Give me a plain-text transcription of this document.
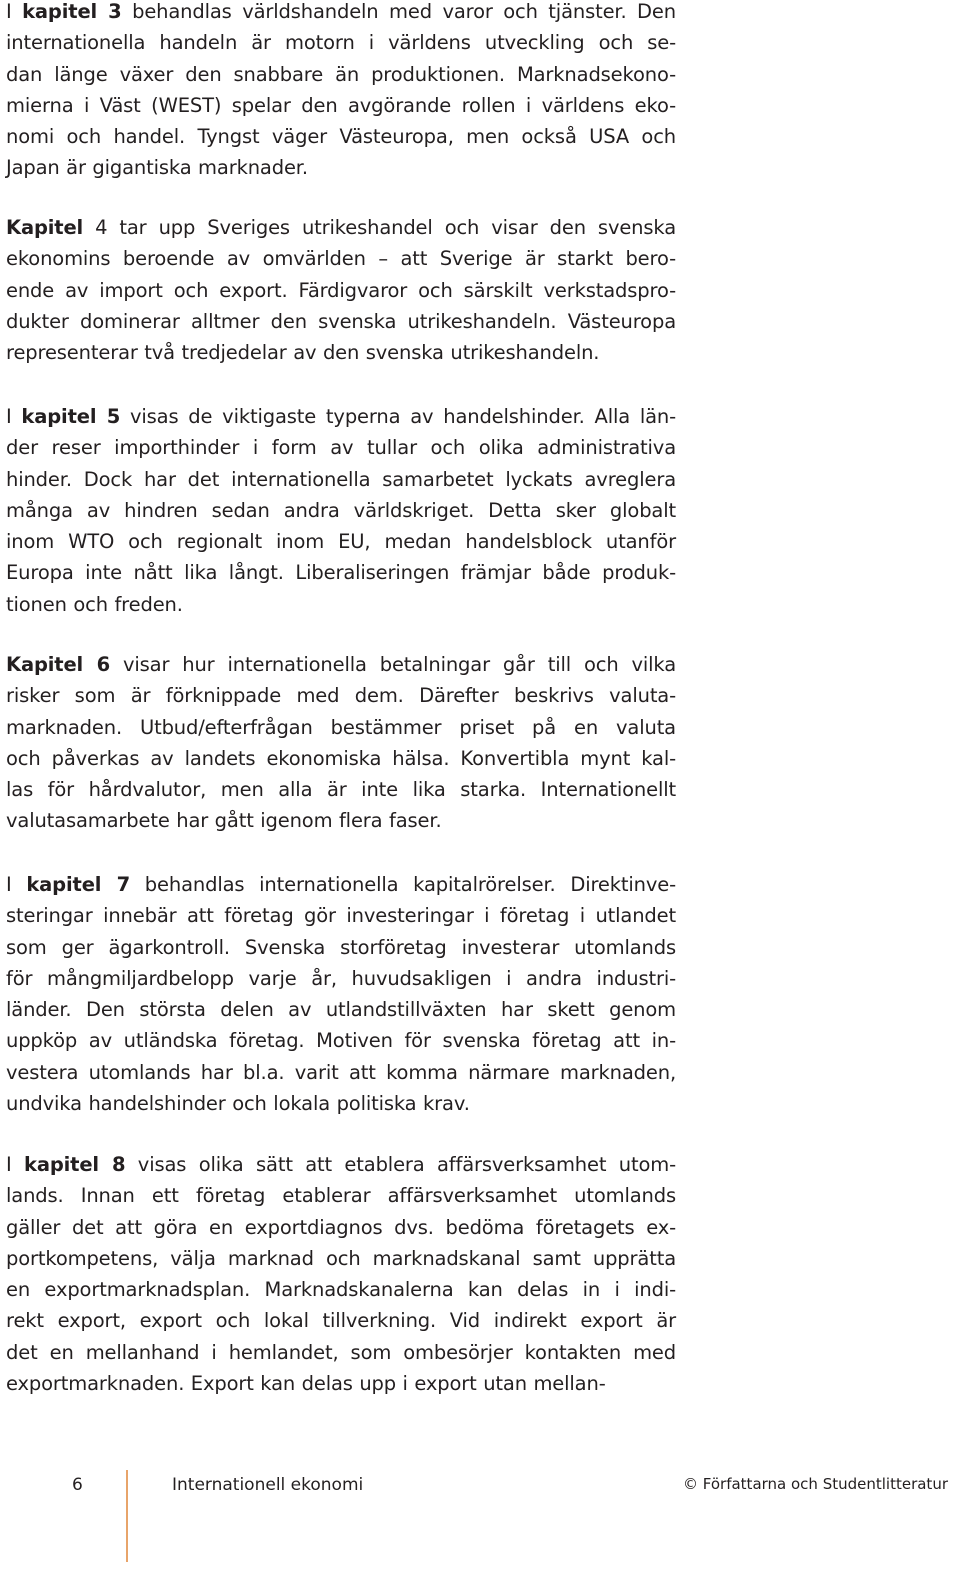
I kapitel 3 behandlas världshandeln med varor och tjänster. Den
internationella handeln är motorn i världens utveckling och se-
dan länge växer den snabbare än produktionen. Marknadsekono-
mierna i Väst (WEST) spelar den avgörande rollen i världens eko-
nomi och handel. Tyngst väger Västeuropa, men också USA och
Japan är gigantiska marknader.

Kapitel 4 tar upp Sveriges utrikeshandel och visar den svenska
ekonomins beroende av omvärlden – att Sverige är starkt bero-
ende av import och export. Färdigvaror och särskilt verkstadspro-
dukter dominerar alltmer den svenska utrikeshandeln. Västeuropa
representerar två tredjedelar av den svenska utrikeshandeln.

I kapitel 5 visas de viktigaste typerna av handelshinder. Alla län-
der reser importhinder i form av tullar och olika administrativa
hinder. Dock har det internationella samarbetet lyckats avreglera
många av hindren sedan andra världskriget. Detta sker globalt
inom WTO och regionalt inom EU, medan handelsblock utanför
Europa inte nått lika långt. Liberaliseringen främjar både produk-
tionen och freden.

Kapitel 6 visar hur internationella betalningar går till och vilka
risker som är förknippade med dem. Därefter beskrivs valuta-
marknaden. Utbud/efterfrågan bestämmer priset på en valuta
och påverkas av landets ekonomiska hälsa. Konvertibla mynt kal-
las för hårdvalutor, men alla är inte lika starka. Internationellt
valutasamarbete har gått igenom flera faser.

I kapitel 7 behandlas internationella kapitalrörelser. Direktinve-
steringar innebär att företag gör investeringar i företag i utlandet
som ger ägarkontroll. Svenska storföretag investerar utomlands
för mångmiljardbelopp varje år, huvudsakligen i andra industri-
länder. Den största delen av utlandstillväxten har skett genom
uppköp av utländska företag. Motiven för svenska företag att in-
vestera utomlands har bl.a. varit att komma närmare marknaden,
undvika handelshinder och lokala politiska krav.

I kapitel 8 visas olika sätt att etablera affärsverksamhet utom-
lands. Innan ett företag etablerar affärsverksamhet utomlands
gäller det att göra en exportdiagnos dvs. bedöma företagets ex-
portkompetens, välja marknad och marknadskanal samt upprätta
en exportmarknadsplan. Marknadskanalerna kan delas in i indi-
rekt export, export och lokal tillverkning. Vid indirekt export är
det en mellanhand i hemlandet, som ombesörjer kontakten med
exportmarknaden. Export kan delas upp i export utan mellan-

6	Internationell ekonomi	© Författarna och Studentlitteratur
